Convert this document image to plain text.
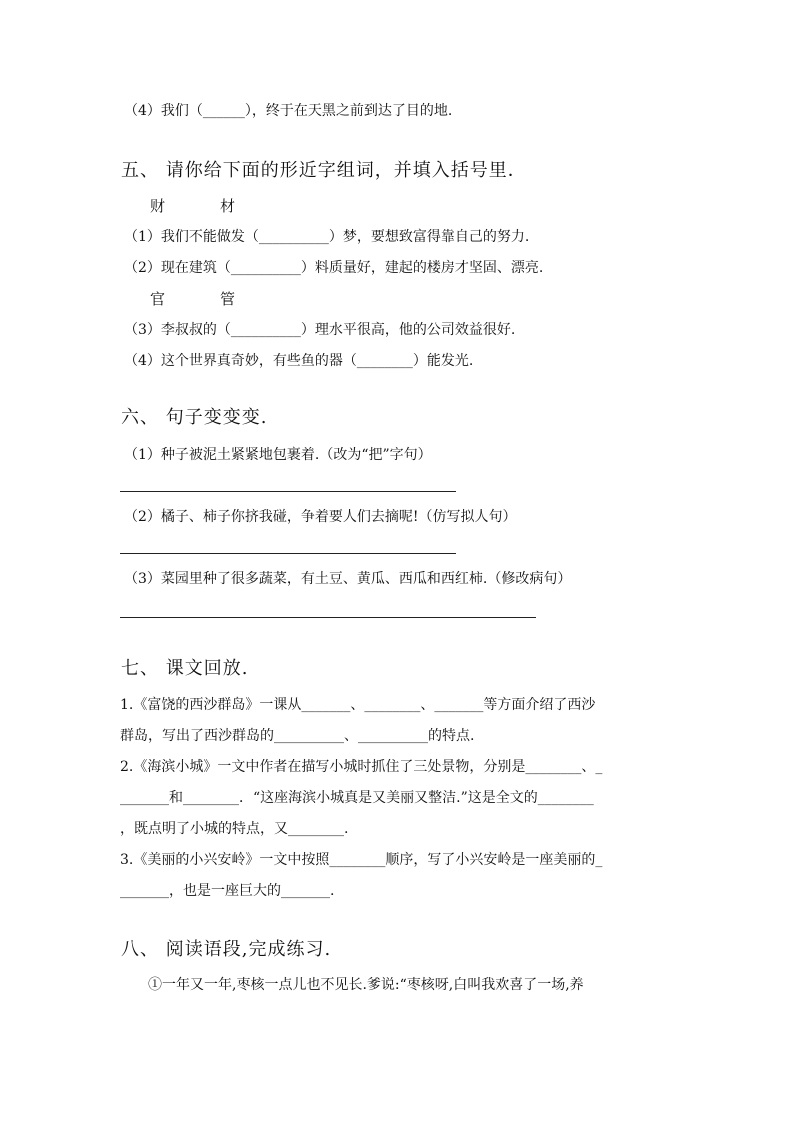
（4）我们（______），终于在天黑之前到达了目的地.
五、 请你给下面的形近字组词，并填入括号里．
财　材
（1）我们不能做发（__________）梦，要想致富得靠自己的努力.
（2）现在建筑（__________）料质量好，建起的楼房才坚固、漂亮.
官　管
（3）李叔叔的（__________）理水平很高，他的公司效益很好.
（4）这个世界真奇妙，有些鱼的器（________）能发光.
六、 句子变变变.
（1）种子被泥土紧紧地包裹着.（改为“把”字句）
（2）橘子、柿子你挤我碰，争着要人们去摘呢!（仿写拟人句）
（3）菜园里种了很多蔬菜，有土豆、黄瓜、西瓜和西红柿.（修改病句）
七、 课文回放.
1.《富饶的西沙群岛》一课从_______、________、_______等方面介绍了西沙
群岛，写出了西沙群岛的__________、__________的特点.
2.《海滨小城》一文中作者在描写小城时抓住了三处景物，分别是________、_
_______和________．“这座海滨小城真是又美丽又整洁.”这是全文的________
，既点明了小城的特点，又________.
3.《美丽的小兴安岭》一文中按照________顺序，写了小兴安岭是一座美丽的_
_______，也是一座巨大的_______.
八、 阅读语段,完成练习.
①一年又一年,枣核一点儿也不见长.爹说:“枣核呀,白叫我欢喜了一场,养
